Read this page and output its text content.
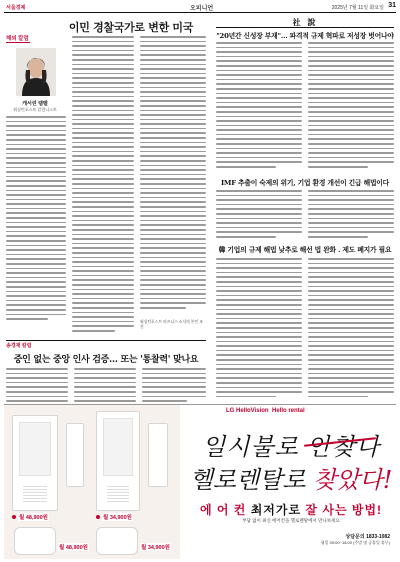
서울경제	오피니언	2025년 7월 11일 화요일 31
이민 경찰국가로 변한 미국
해외 칼럼
캐서린 램벨
워싱턴포스트 칼럼니스트
워싱턴포스트 비즈니스 소식의 본인 조건
송경재 칼럼
중인 없는 중앙 인사 검증… 또는 '통찰력' 맞나요
社 說
"20년간 신성장 부재"… 파격적 규제 혁파로 저성장 벗어나야
IMF 추출이 숙제의 위기, 기업 환경 개선이 긴급 해법이다
韓 기업의 규제 해법 낮추로 해선 법 완화 ․ 제도 폐지가 필요
월 48,900원	월 34,900원
월 48,900원	월 34,900원
LG HelloVision Hello rental
일시불로 안찾나
헬로렌탈로 찾았다!
에 어 컨 최저가로 잘 사는 방법!
부담 없이 최신 에어컨을 헬로렌탈에서 만나보세요
상담문의 1833-1082
평일 09:00~18:00 (주말 및 공휴일 휴무)
